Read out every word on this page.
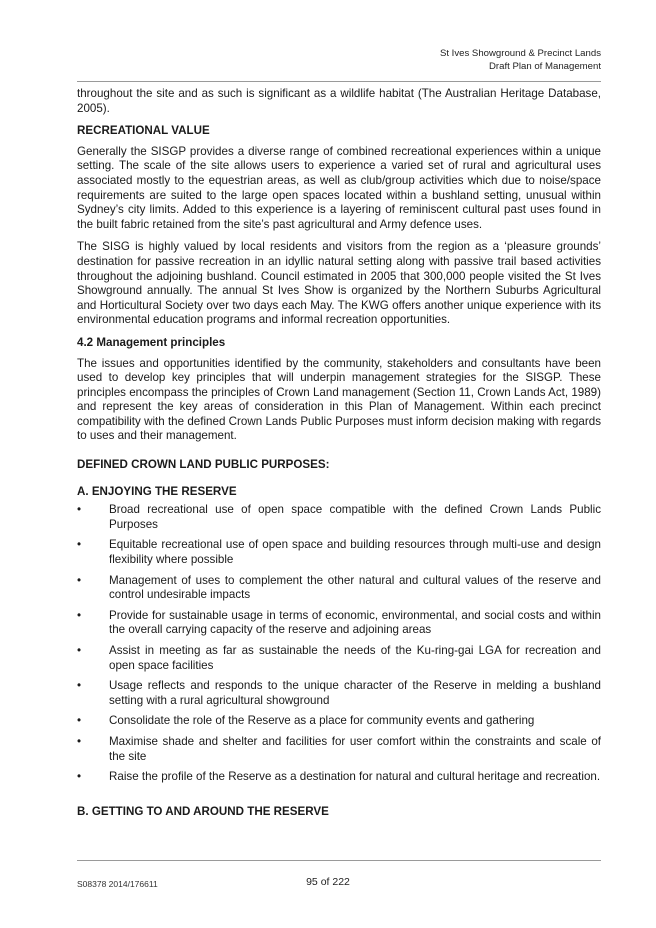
St Ives Showground & Precinct Lands
Draft Plan of Management

throughout the site and as such is significant as a wildlife habitat (The Australian Heritage Database, 2005).

RECREATIONAL VALUE

Generally the SISGP provides a diverse range of combined recreational experiences within a unique setting. The scale of the site allows users to experience a varied set of rural and agricultural uses associated mostly to the equestrian areas, as well as club/group activities which due to noise/space requirements are suited to the large open spaces located within a bushland setting, unusual within Sydney’s city limits. Added to this experience is a layering of reminiscent cultural past uses found in the built fabric retained from the site’s past agricultural and Army defence uses.

The SISG is highly valued by local residents and visitors from the region as a ‘pleasure grounds’ destination for passive recreation in an idyllic natural setting along with passive trail based activities throughout the adjoining bushland. Council estimated in 2005 that 300,000 people visited the St Ives Showground annually. The annual St Ives Show is organized by the Northern Suburbs Agricultural and Horticultural Society over two days each May. The KWG offers another unique experience with its environmental education programs and informal recreation opportunities.

4.2 Management principles

The issues and opportunities identified by the community, stakeholders and consultants have been used to develop key principles that will underpin management strategies for the SISGP. These principles encompass the principles of Crown Land management (Section 11, Crown Lands Act, 1989) and represent the key areas of consideration in this Plan of Management. Within each precinct compatibility with the defined Crown Lands Public Purposes must inform decision making with regards to uses and their management.

DEFINED CROWN LAND PUBLIC PURPOSES:
A. ENJOYING THE RESERVE
• Broad recreational use of open space compatible with the defined Crown Lands Public Purposes
• Equitable recreational use of open space and building resources through multi-use and design flexibility where possible
• Management of uses to complement the other natural and cultural values of the reserve and control undesirable impacts
• Provide for sustainable usage in terms of economic, environmental, and social costs and within the overall carrying capacity of the reserve and adjoining areas
• Assist in meeting as far as sustainable the needs of the Ku-ring-gai LGA for recreation and open space facilities
• Usage reflects and responds to the unique character of the Reserve in melding a bushland setting with a rural agricultural showground
• Consolidate the role of the Reserve as a place for community events and gathering
• Maximise shade and shelter and facilities for user comfort within the constraints and scale of the site
• Raise the profile of the Reserve as a destination for natural and cultural heritage and recreation.
B. GETTING TO AND AROUND THE RESERVE
S08378 2014/176611	95 of 222
